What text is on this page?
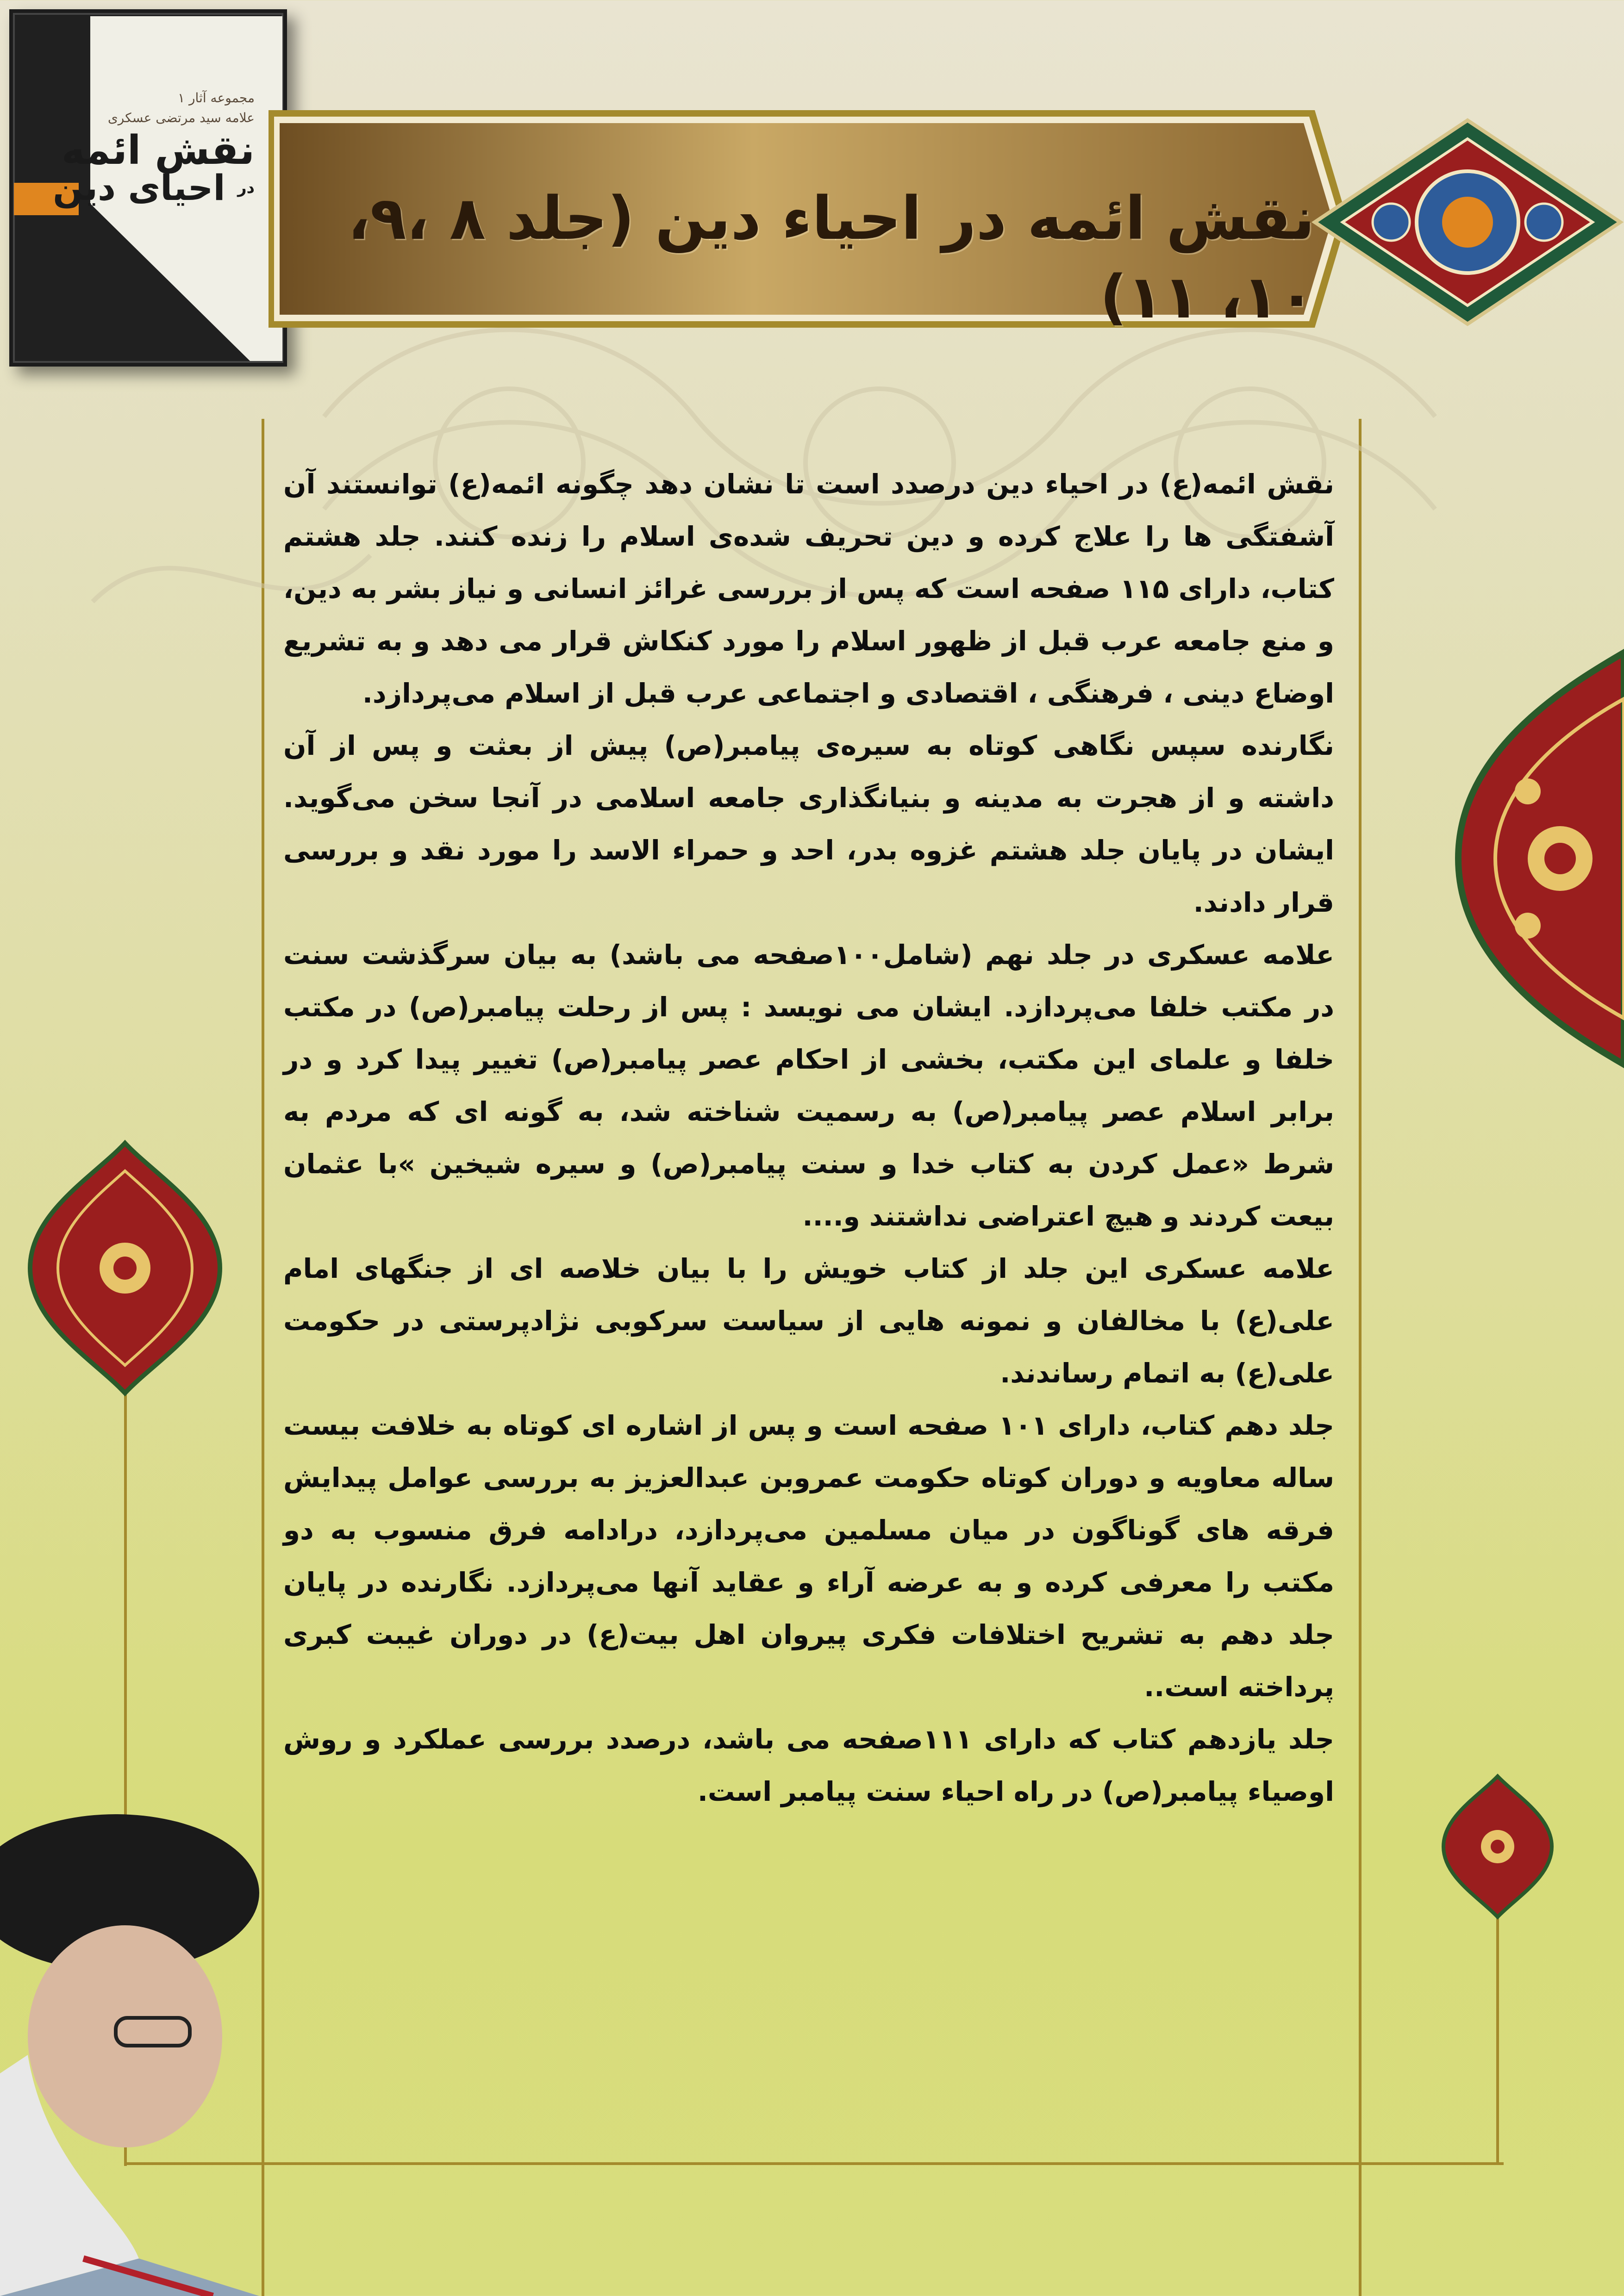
مجموعه آثار ۱
علامه سید مرتضی عسکری
نقش ائمه
$^{در}$ احیای دین	نقش ائمه در احیاء دین (جلد ۸ ،۹، ۱۰، ۱۱)

نقش ائمه(ع) در احیاء دین درصدد است تا نشان دهد چگونه ائمه(ع) توانستند آن آشفتگی ها را علاج کرده و دین تحریف شده‌ی اسلام را زنده کنند. جلد هشتم کتاب، دارای ۱۱۵ صفحه است که پس از بررسی غرائز انسانی و نیاز بشر به دین، و منع جامعه عرب قبل از ظهور اسلام را مورد کنکاش قرار می دهد و به تشریع اوضاع دینی ، فرهنگی ، اقتصادی و اجتماعی عرب قبل از اسلام می‌پردازد.

نگارنده سپس نگاهی کوتاه به سیره‌ی پیامبر(ص) پیش از بعثت و پس از آن داشته و از هجرت به مدینه و بنیانگذاری جامعه اسلامی در آنجا سخن می‌گوید. ایشان در پایان جلد هشتم غزوه بدر، احد و حمراء الاسد را مورد نقد و بررسی قرار دادند.

علامه عسکری در جلد نهم (شامل۱۰۰صفحه می باشد) به بیان سرگذشت سنت در مکتب خلفا می‌پردازد. ایشان می نویسد : پس از رحلت پیامبر(ص) در مکتب خلفا و علمای این مکتب، بخشی از احکام عصر پیامبر(ص) تغییر پیدا کرد و در برابر اسلام عصر پیامبر(ص) به رسمیت شناخته شد، به گونه ای که مردم به شرط «عمل کردن به کتاب خدا و سنت پیامبر(ص) و سیره شیخین »با عثمان بیعت کردند و هیچ اعتراضی نداشتند و....

علامه عسکری این جلد از کتاب خویش را با بیان خلاصه ای از جنگهای امام علی(ع) با مخالفان و نمونه هایی از سیاست سرکوبی نژادپرستی در حکومت علی(ع) به اتمام رساندند.

جلد دهم کتاب، دارای ۱۰۱ صفحه است و پس از اشاره ای کوتاه به خلافت بیست ساله معاویه و دوران کوتاه حکومت عمروبن عبدالعزیز به بررسی عوامل پیدایش فرقه های گوناگون در میان مسلمین می‌پردازد، درادامه فرق منسوب به دو مکتب را معرفی کرده و به عرضه آراء و عقاید آنها می‌پردازد. نگارنده در پایان جلد دهم به تشریح اختلافات فکری پیروان اهل بیت(ع) در دوران غیبت کبری پرداخته است..

جلد یازدهم کتاب که دارای ۱۱۱صفحه می باشد، درصدد بررسی عملکرد و روش اوصیاء پیامبر(ص) در راه احیاء سنت پیامبر است.
